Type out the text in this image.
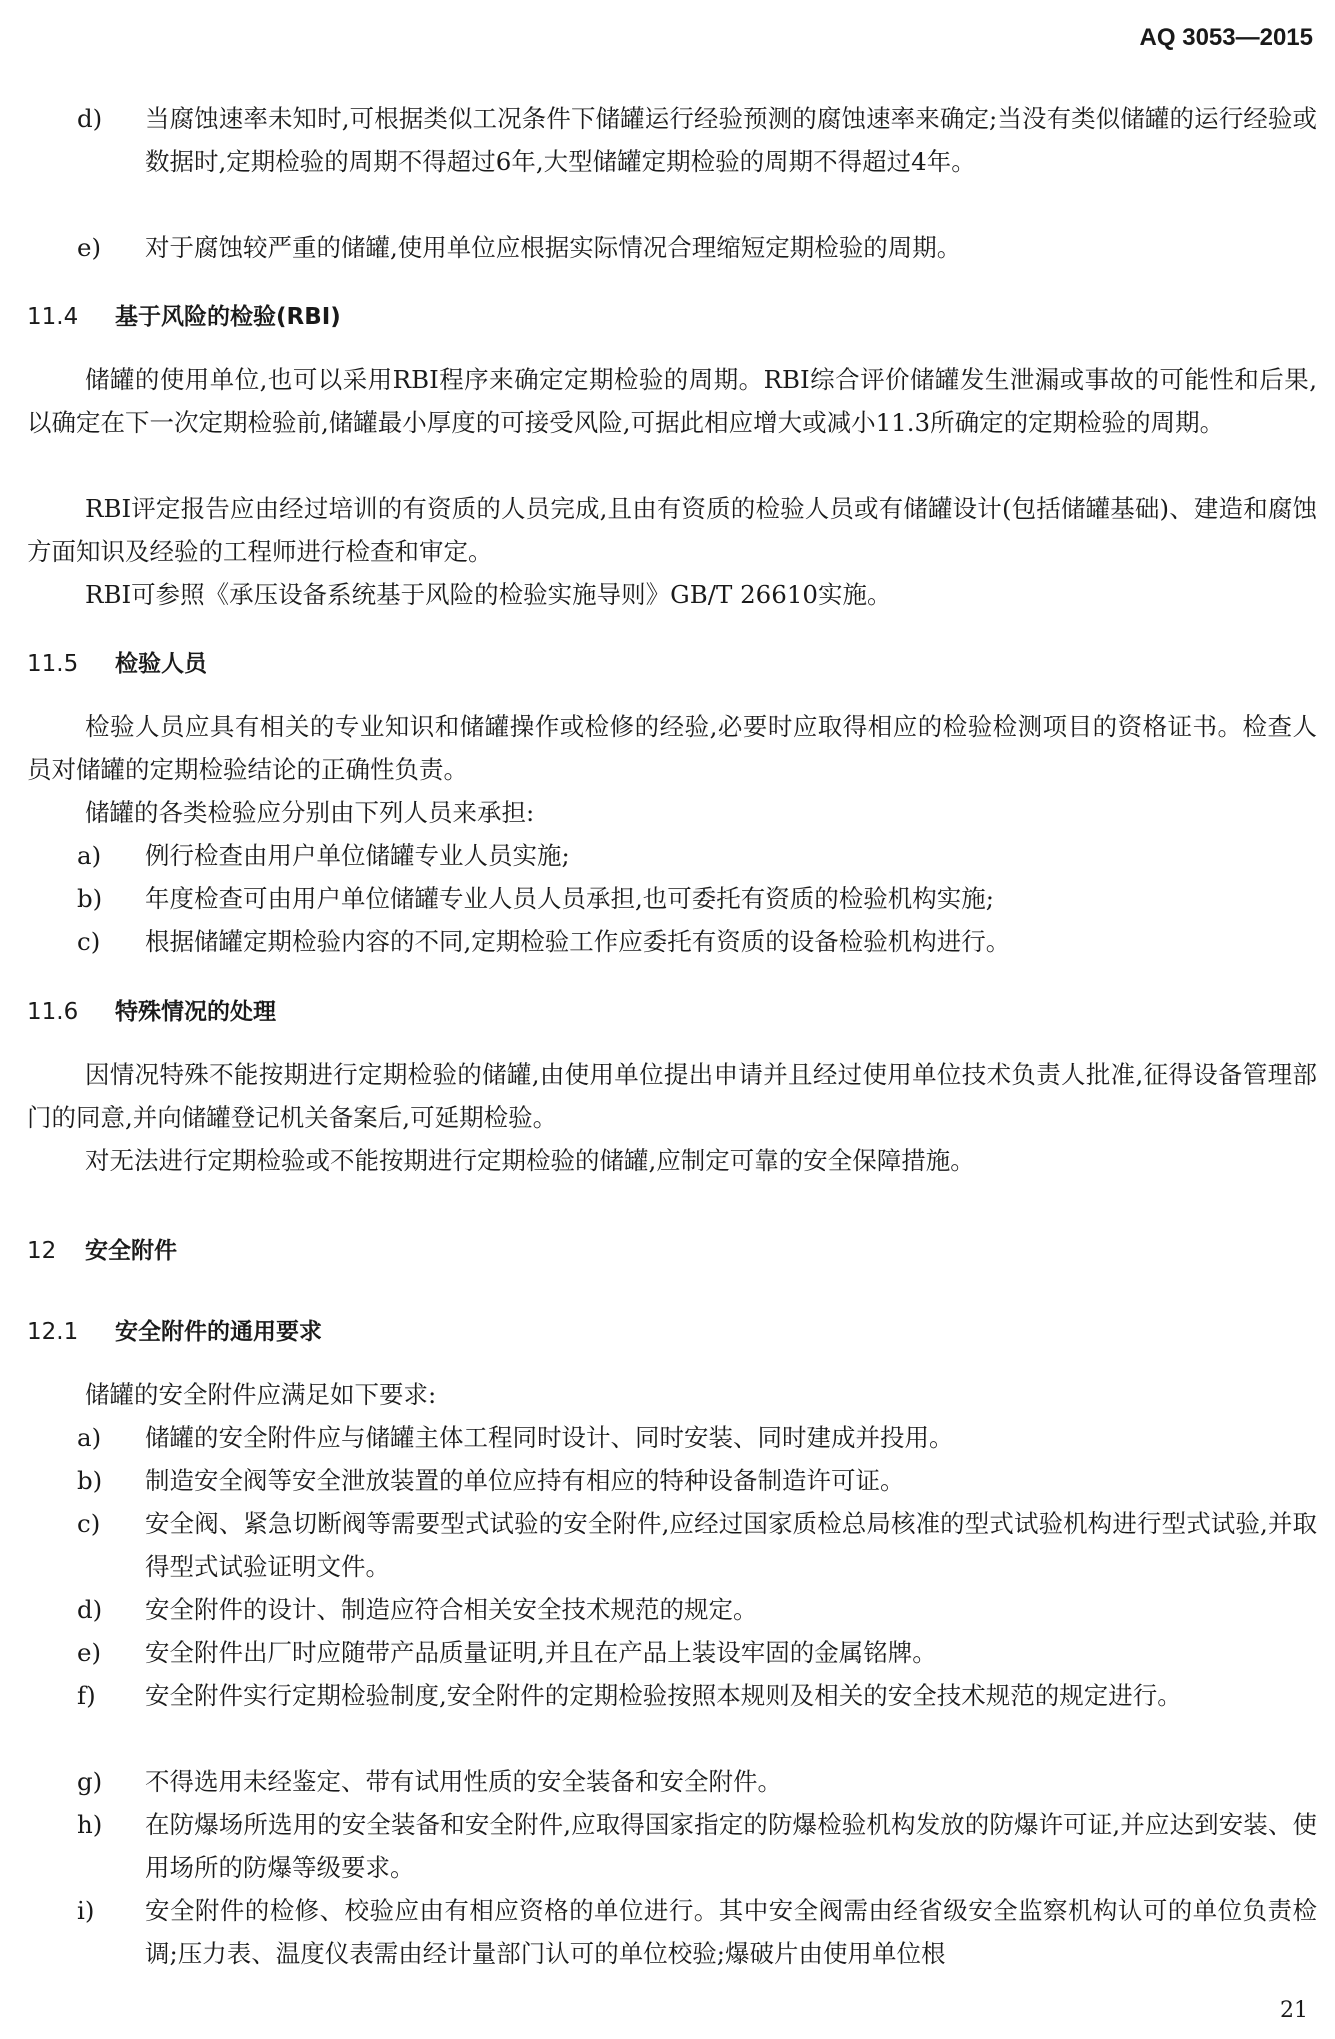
AQ 3053—2015
d)	当腐蚀速率未知时,可根据类似工况条件下储罐运行经验预测的腐蚀速率来确定;当没有类似储罐的运行经验或数据时,定期检验的周期不得超过6年,大型储罐定期检验的周期不得超过4年。
e)	对于腐蚀较严重的储罐,使用单位应根据实际情况合理缩短定期检验的周期。
11.4 基于风险的检验(RBI)
储罐的使用单位,也可以采用RBI程序来确定定期检验的周期。RBI综合评价储罐发生泄漏或事故的可能性和后果,以确定在下一次定期检验前,储罐最小厚度的可接受风险,可据此相应增大或减小11.3所确定的定期检验的周期。
RBI评定报告应由经过培训的有资质的人员完成,且由有资质的检验人员或有储罐设计(包括储罐基础)、建造和腐蚀方面知识及经验的工程师进行检查和审定。
RBI可参照《承压设备系统基于风险的检验实施导则》GB/T 26610实施。
11.5 检验人员
检验人员应具有相关的专业知识和储罐操作或检修的经验,必要时应取得相应的检验检测项目的资格证书。检查人员对储罐的定期检验结论的正确性负责。
储罐的各类检验应分别由下列人员来承担:
a)	例行检查由用户单位储罐专业人员实施;
b)	年度检查可由用户单位储罐专业人员人员承担,也可委托有资质的检验机构实施;
c)	根据储罐定期检验内容的不同,定期检验工作应委托有资质的设备检验机构进行。
11.6 特殊情况的处理
因情况特殊不能按期进行定期检验的储罐,由使用单位提出申请并且经过使用单位技术负责人批准,征得设备管理部门的同意,并向储罐登记机关备案后,可延期检验。
对无法进行定期检验或不能按期进行定期检验的储罐,应制定可靠的安全保障措施。
12 安全附件
12.1 安全附件的通用要求
储罐的安全附件应满足如下要求:
a)	储罐的安全附件应与储罐主体工程同时设计、同时安装、同时建成并投用。
b)	制造安全阀等安全泄放装置的单位应持有相应的特种设备制造许可证。
c)	安全阀、紧急切断阀等需要型式试验的安全附件,应经过国家质检总局核准的型式试验机构进行型式试验,并取得型式试验证明文件。
d)	安全附件的设计、制造应符合相关安全技术规范的规定。
e)	安全附件出厂时应随带产品质量证明,并且在产品上装设牢固的金属铭牌。
f)	安全附件实行定期检验制度,安全附件的定期检验按照本规则及相关的安全技术规范的规定进行。
g)	不得选用未经鉴定、带有试用性质的安全装备和安全附件。
h)	在防爆场所选用的安全装备和安全附件,应取得国家指定的防爆检验机构发放的防爆许可证,并应达到安装、使用场所的防爆等级要求。
i)	安全附件的检修、校验应由有相应资格的单位进行。其中安全阀需由经省级安全监察机构认可的单位负责检调;压力表、温度仪表需由经计量部门认可的单位校验;爆破片由使用单位根
21
